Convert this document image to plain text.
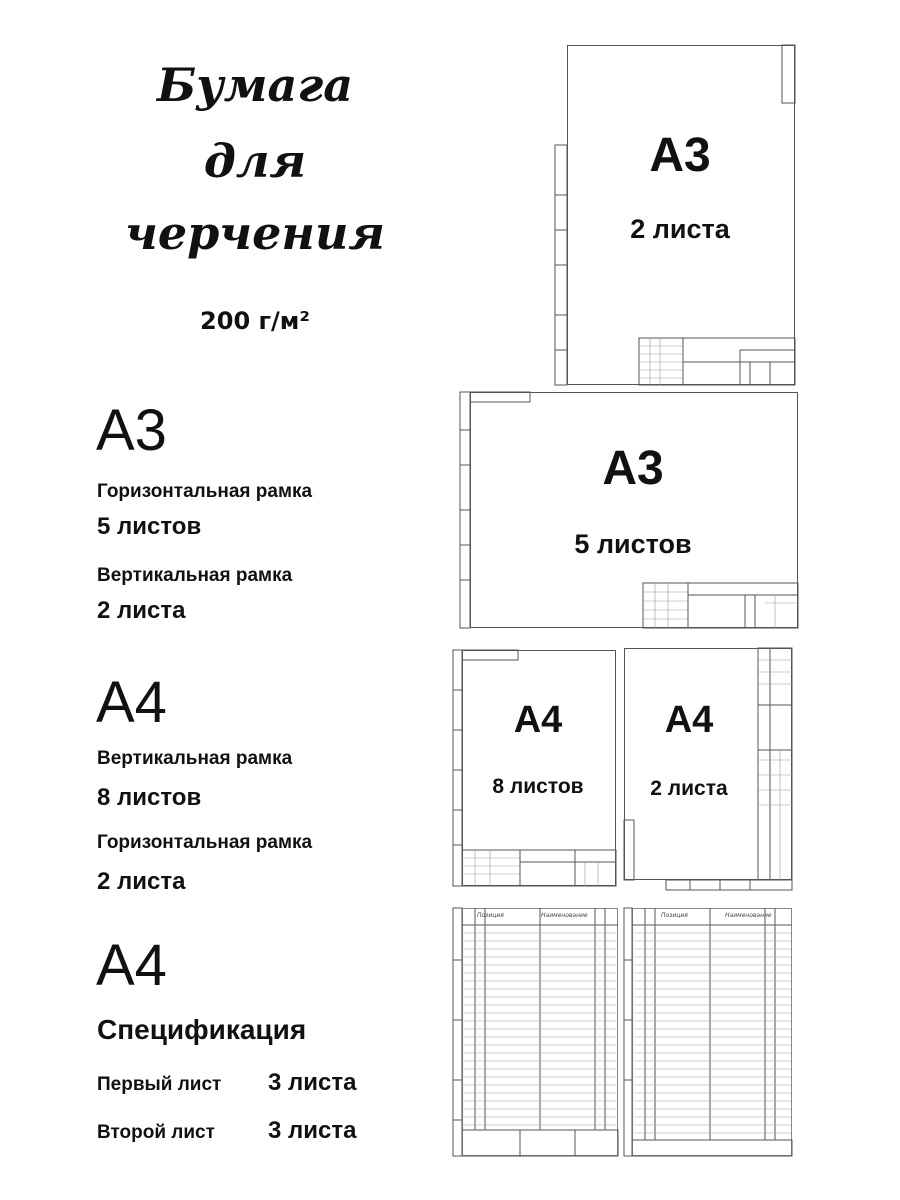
Бумага
для
черчения
200 г/м²
А3
Горизонтальная рамка
5 листов
Вертикальная рамка
2 листа
А4
Вертикальная рамка
8 листов
Горизонтальная рамка
2 листа
А4
Спецификация
Первый лист 3 листа
Второй лист 3 листа
А3
2 листа
А3
5 листов
А4
8 листов
А4
2 листа
Позиция	Наименование	Позиция	Наименование
